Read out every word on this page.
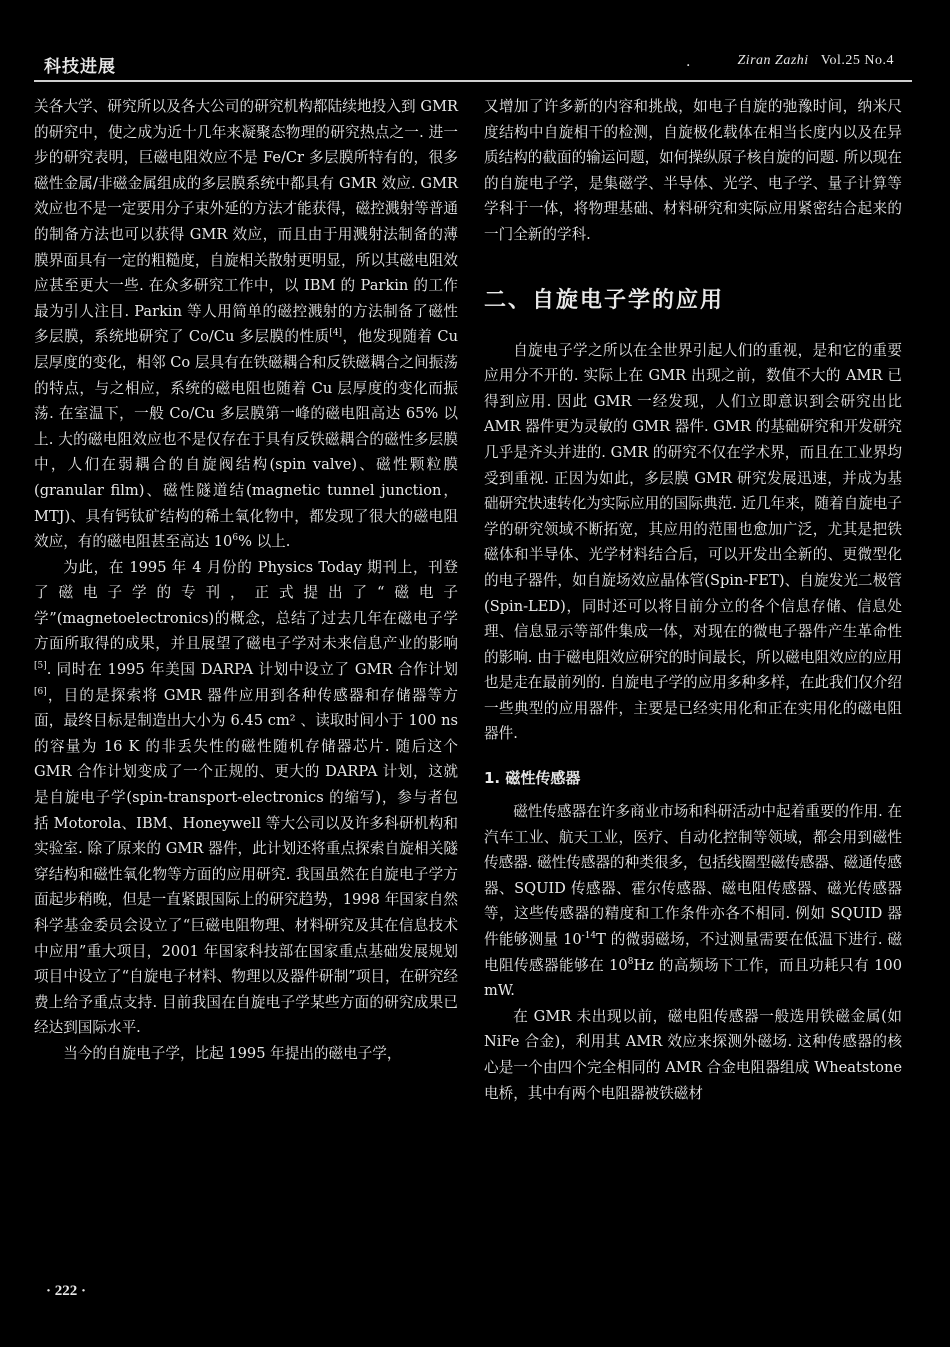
科技进展	.	Ziran Zazhi Vol.25 No.4

关各大学、研究所以及各大公司的研究机构都陆续地投入到 GMR 的研究中，使之成为近十几年来凝聚态物理的研究热点之一. 进一步的研究表明，巨磁电阻效应不是 Fe/Cr 多层膜所特有的，很多磁性金属/非磁金属组成的多层膜系统中都具有 GMR 效应. GMR 效应也不是一定要用分子束外延的方法才能获得，磁控溅射等普通的制备方法也可以获得 GMR 效应，而且由于用溅射法制备的薄膜界面具有一定的粗糙度，自旋相关散射更明显，所以其磁电阻效应甚至更大一些. 在众多研究工作中，以 IBM 的 Parkin 的工作最为引人注目. Parkin 等人用简单的磁控溅射的方法制备了磁性多层膜，系统地研究了 Co/Cu 多层膜的性质[4]，他发现随着 Cu 层厚度的变化，相邻 Co 层具有在铁磁耦合和反铁磁耦合之间振荡的特点，与之相应，系统的磁电阻也随着 Cu 层厚度的变化而振荡. 在室温下，一般 Co/Cu 多层膜第一峰的磁电阻高达 65% 以上. 大的磁电阻效应也不是仅存在于具有反铁磁耦合的磁性多层膜中，人们在弱耦合的自旋阀结构(spin valve)、磁性颗粒膜(granular film)、磁性隧道结(magnetic tunnel junction，MTJ)、具有钙钛矿结构的稀土氧化物中，都发现了很大的磁电阻效应，有的磁电阻甚至高达 $10^6\%$ 以上.

为此，在 1995 年 4 月份的 Physics Today 期刊上，刊登了磁电子学的专刊，正式提出了“磁电子学”(magnetoelectronics)的概念，总结了过去几年在磁电子学方面所取得的成果，并且展望了磁电子学对未来信息产业的影响[5]. 同时在 1995 年美国 DARPA 计划中设立了 GMR 合作计划[6]，目的是探索将 GMR 器件应用到各种传感器和存储器等方面，最终目标是制造出大小为 6.45 cm² 、读取时间小于 100 ns 的容量为 16 K 的非丢失性的磁性随机存储器芯片. 随后这个 GMR 合作计划变成了一个正规的、更大的 DARPA 计划，这就是自旋电子学(spin-transport-electronics 的缩写)，参与者包括 Motorola、IBM、Honeywell 等大公司以及许多科研机构和实验室. 除了原来的 GMR 器件，此计划还将重点探索自旋相关隧穿结构和磁性氧化物等方面的应用研究. 我国虽然在自旋电子学方面起步稍晚，但是一直紧跟国际上的研究趋势，1998 年国家自然科学基金委员会设立了“巨磁电阻物理、材料研究及其在信息技术中应用”重大项目，2001 年国家科技部在国家重点基础发展规划项目中设立了“自旋电子材料、物理以及器件研制”项目，在研究经费上给予重点支持. 目前我国在自旋电子学某些方面的研究成果已经达到国际水平.

当今的自旋电子学，比起 1995 年提出的磁电子学，

又增加了许多新的内容和挑战，如电子自旋的弛豫时间，纳米尺度结构中自旋相干的检测，自旋极化载体在相当长度内以及在异质结构的截面的输运问题，如何操纵原子核自旋的问题. 所以现在的自旋电子学，是集磁学、半导体、光学、电子学、量子计算等学科于一体，将物理基础、材料研究和实际应用紧密结合起来的一门全新的学科.

二、自旋电子学的应用

自旋电子学之所以在全世界引起人们的重视，是和它的重要应用分不开的. 实际上在 GMR 出现之前，数值不大的 AMR 已得到应用. 因此 GMR 一经发现，人们立即意识到会研究出比 AMR 器件更为灵敏的 GMR 器件. GMR 的基础研究和开发研究几乎是齐头并进的. GMR 的研究不仅在学术界，而且在工业界均受到重视. 正因为如此，多层膜 GMR 研究发展迅速，并成为基础研究快速转化为实际应用的国际典范. 近几年来，随着自旋电子学的研究领域不断拓宽，其应用的范围也愈加广泛，尤其是把铁磁体和半导体、光学材料结合后，可以开发出全新的、更微型化的电子器件，如自旋场效应晶体管(Spin-FET)、自旋发光二极管(Spin-LED)，同时还可以将目前分立的各个信息存储、信息处理、信息显示等部件集成一体，对现在的微电子器件产生革命性的影响. 由于磁电阻效应研究的时间最长，所以磁电阻效应的应用也是走在最前列的. 自旋电子学的应用多种多样，在此我们仅介绍一些典型的应用器件，主要是已经实用化和正在实用化的磁电阻器件.

1. 磁性传感器

磁性传感器在许多商业市场和科研活动中起着重要的作用. 在汽车工业、航天工业，医疗、自动化控制等领域，都会用到磁性传感器. 磁性传感器的种类很多，包括线圈型磁传感器、磁通传感器、SQUID 传感器、霍尔传感器、磁电阻传感器、磁光传感器等，这些传感器的精度和工作条件亦各不相同. 例如 SQUID 器件能够测量 $10^{-14}T$ 的微弱磁场，不过测量需要在低温下进行. 磁电阻传感器能够在 $10^8Hz$ 的高频场下工作，而且功耗只有 100 mW.

在 GMR 未出现以前，磁电阻传感器一般选用铁磁金属(如 NiFe 合金)，利用其 AMR 效应来探测外磁场. 这种传感器的核心是一个由四个完全相同的 AMR 合金电阻器组成 Wheatstone 电桥，其中有两个电阻器被铁磁材

· 222 ·
